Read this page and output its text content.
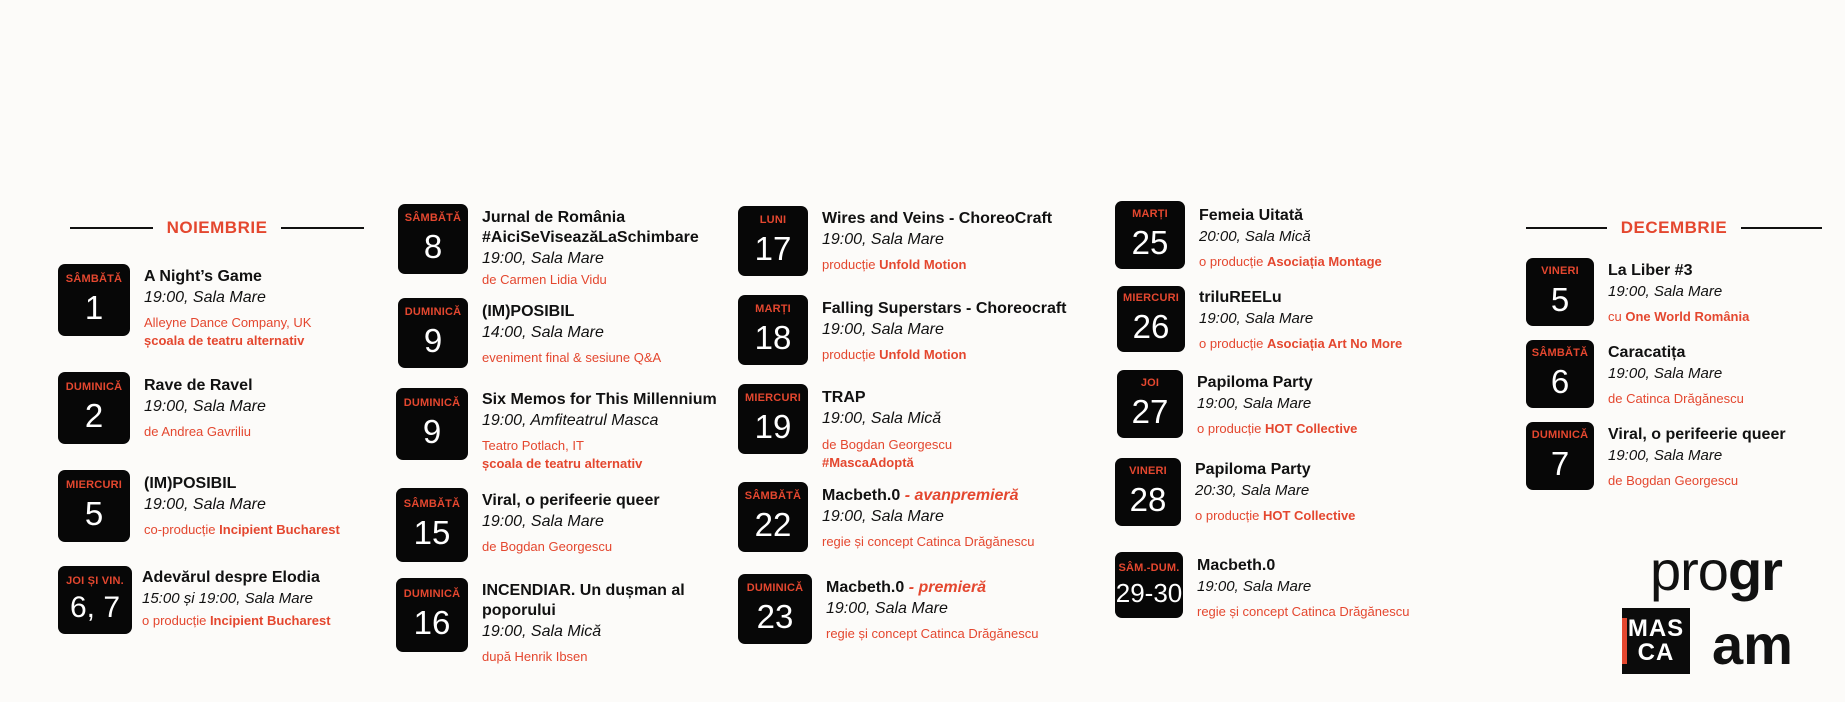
NOIEMBRIE	DECEMBRIE
SÂMBĂTĂ
1
A Night’s Game
19:00, Sala Mare
Alleyne Dance Company, UK
școala de teatru alternativ
DUMINICĂ
2
Rave de Ravel
19:00, Sala Mare
de Andrea Gavriliu
MIERCURI
5
(IM)POSIBIL
19:00, Sala Mare
co-producție Incipient Bucharest
JOI ȘI VIN.
6, 7
Adevărul despre Elodia
15:00 și 19:00, Sala Mare
o producție Incipient Bucharest
SÂMBĂTĂ
8
Jurnal de România #AiciSeViseazăLaSchimbare
19:00, Sala Mare
de Carmen Lidia Vidu
DUMINICĂ
9
(IM)POSIBIL
14:00, Sala Mare
eveniment final & sesiune Q&A
DUMINICĂ
9
Six Memos for This Millennium
19:00, Amfiteatrul Masca
Teatro Potlach, IT
școala de teatru alternativ
SÂMBĂTĂ
15
Viral, o perifeerie queer
19:00, Sala Mare
de Bogdan Georgescu
DUMINICĂ
16
INCENDIAR. Un dușman al poporului
19:00, Sala Mică
după Henrik Ibsen
LUNI
17
Wires and Veins - ChoreoCraft
19:00, Sala Mare
producție Unfold Motion
MARȚI
18
Falling Superstars - Choreocraft
19:00, Sala Mare
producție Unfold Motion
MIERCURI
19
TRAP
19:00, Sala Mică
de Bogdan Georgescu
#MascaAdoptă
SÂMBĂTĂ
22
Macbeth.0 - avanpremieră
19:00, Sala Mare
regie și concept Catinca Drăgănescu
DUMINICĂ
23
Macbeth.0 - premieră
19:00, Sala Mare
regie și concept Catinca Drăgănescu
MARȚI
25
Femeia Uitată
20:00, Sala Mică
o producție Asociația Montage
MIERCURI
26
triluREELu
19:00, Sala Mare
o producție Asociația Art No More
JOI
27
Papiloma Party
19:00, Sala Mare
o producție HOT Collective
VINERI
28
Papiloma Party
20:30, Sala Mare
o producție HOT Collective
SÂM.-DUM.
29-30
Macbeth.0
19:00, Sala Mare
regie și concept Catinca Drăgănescu
VINERI
5
La Liber #3
19:00, Sala Mare
cu One World România
SÂMBĂTĂ
6
Caracatița
19:00, Sala Mare
de Catinca Drăgănescu
DUMINICĂ
7
Viral, o perifeerie queer
19:00, Sala Mare
de Bogdan Georgescu
progr
MAS
CA am
